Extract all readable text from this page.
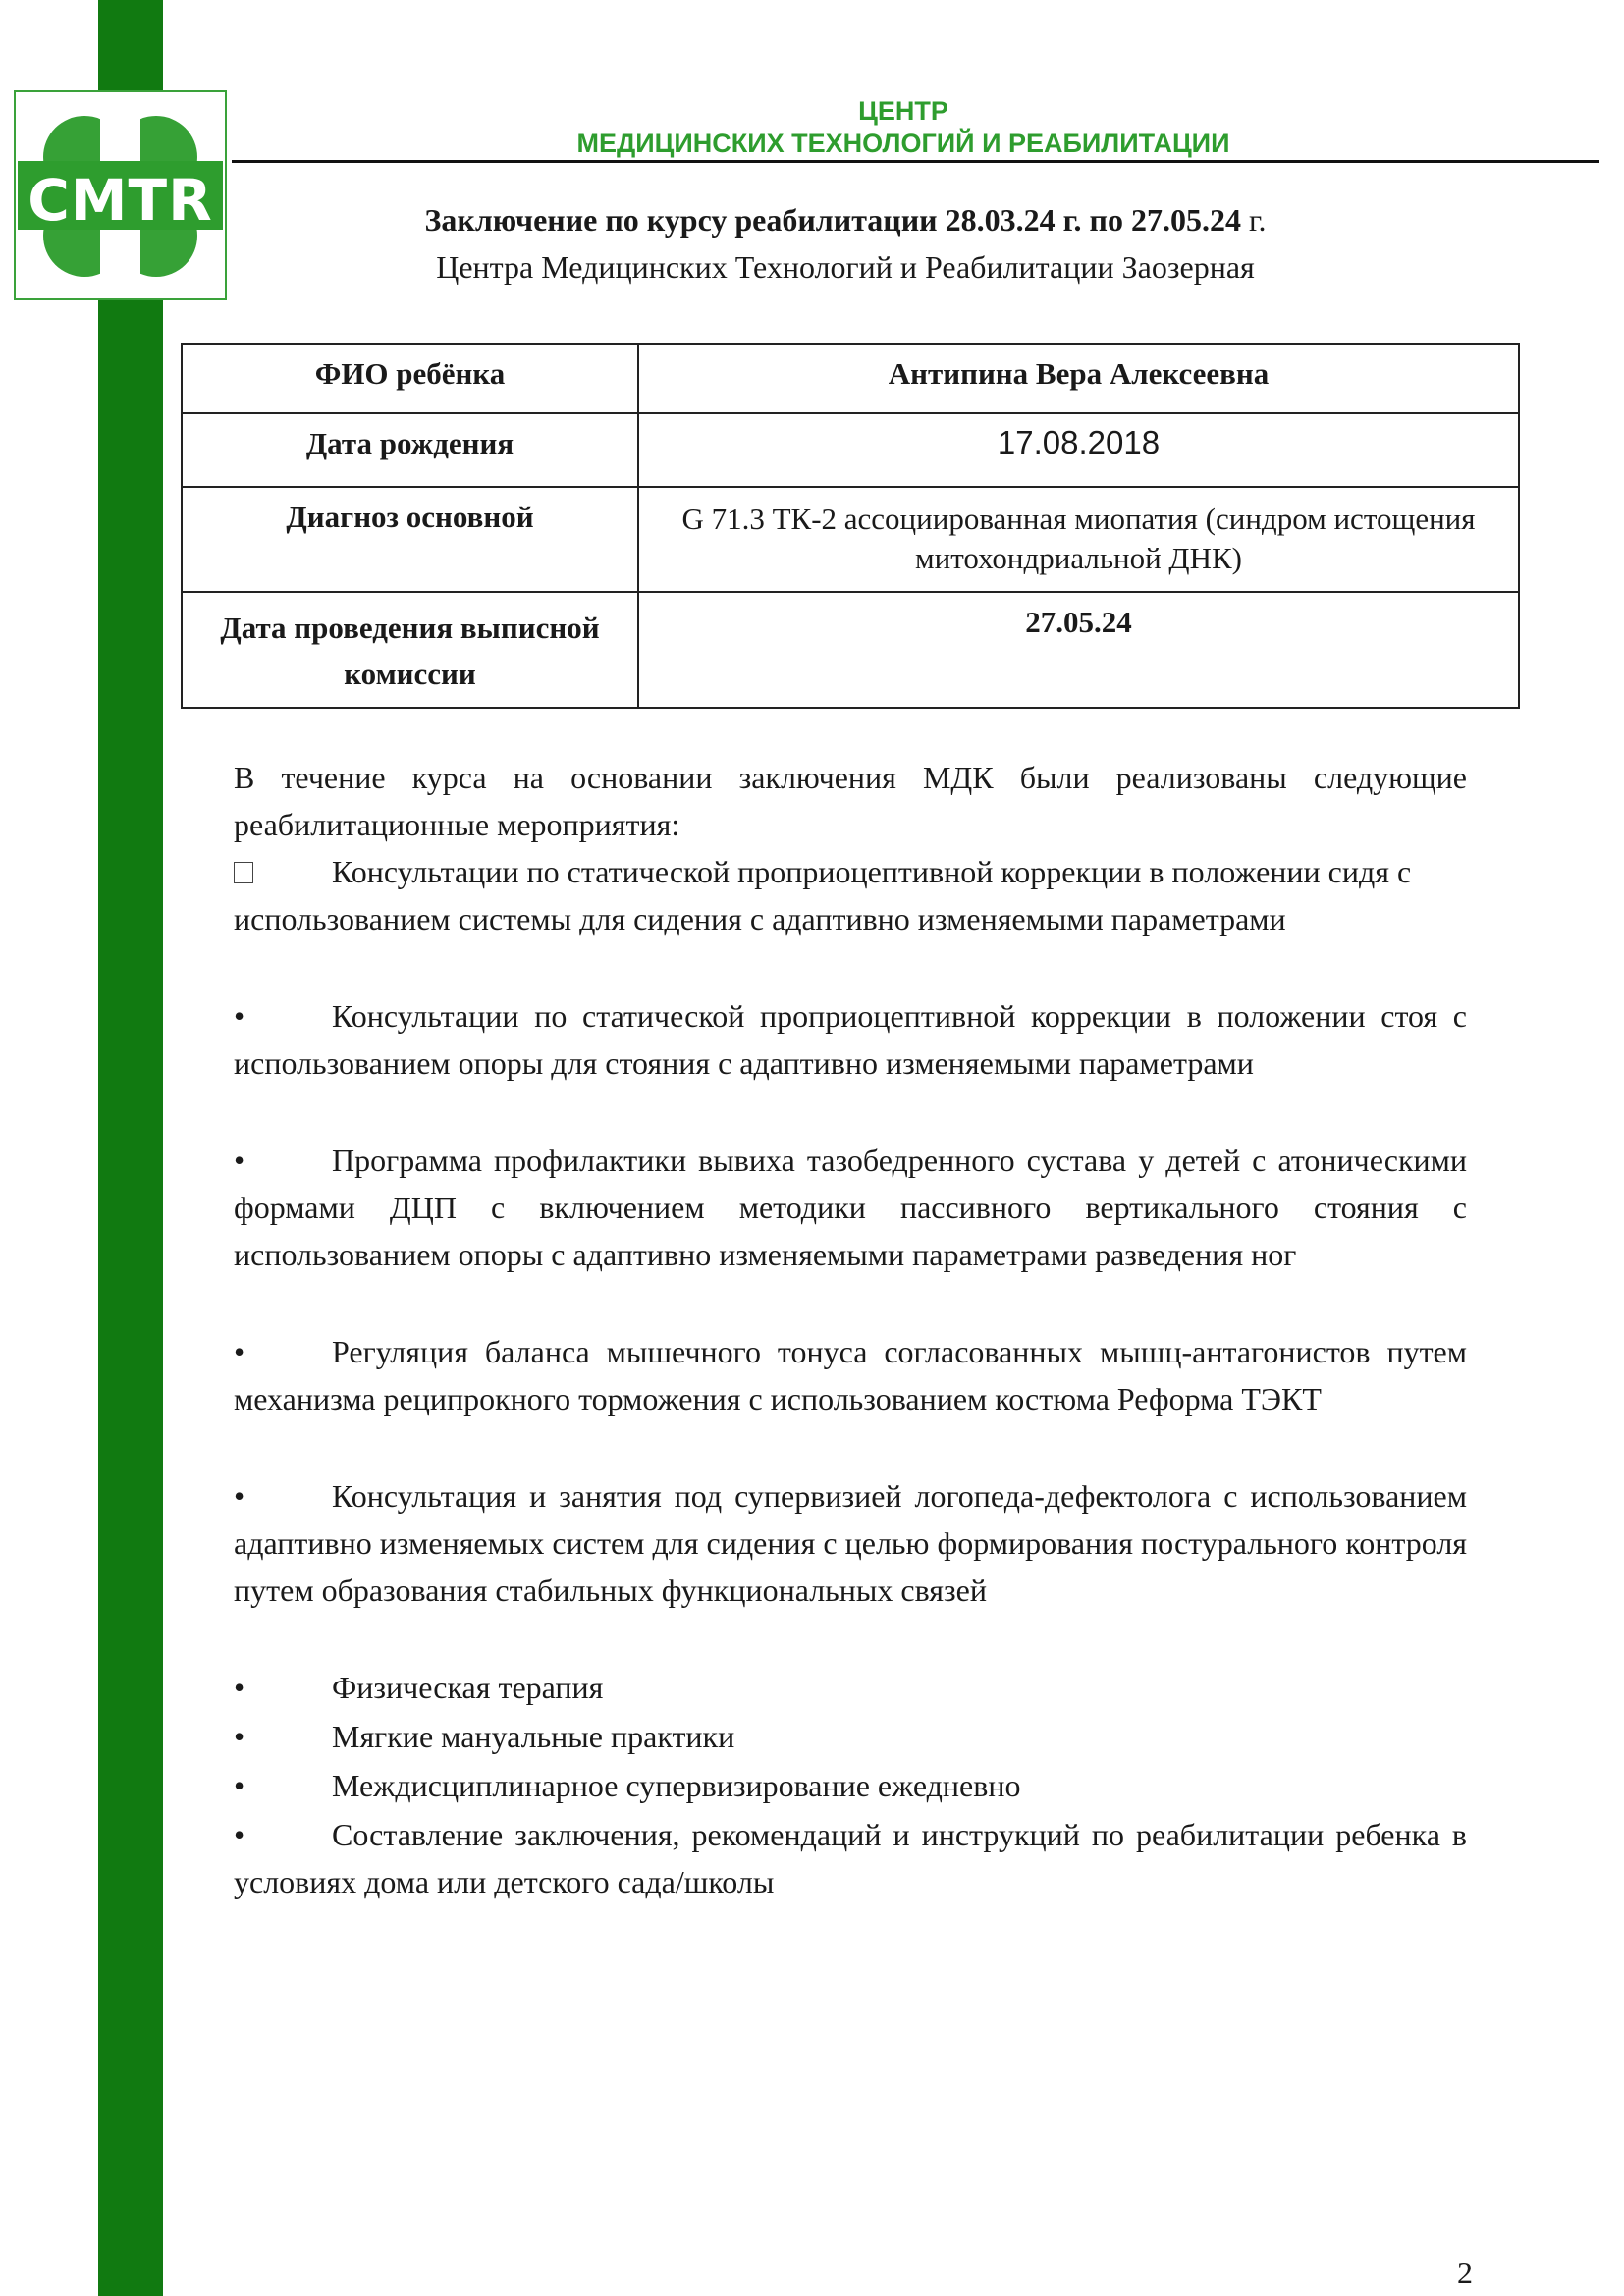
CMTR
ЦЕНТР
МЕДИЦИНСКИХ ТЕХНОЛОГИЙ И РЕАБИЛИТАЦИИ
Заключение по курсу реабилитации 28.03.24 г. по 27.05.24 г.
Центра Медицинских Технологий и Реабилитации Заозерная
ФИО ребёнка	Антипина Вера Алексеевна
Дата рождения	17.08.2018
Диагноз основной	G 71.3 ТК-2 ассоциированная миопатия (синдром истощения митохондриальной ДНК)
Дата проведения выписной комиссии	27.05.24
В течение курса на основании заключения МДК были реализованы следующие реабилитационные мероприятия:
Консультации по статической проприоцептивной коррекции в положении сидя с использованием системы для сидения с адаптивно изменяемыми параметрами
•	Консультации по статической проприоцептивной коррекции в положении стоя с использованием опоры для стояния с адаптивно изменяемыми параметрами
•	Программа профилактики вывиха тазобедренного сустава у детей с атоническими формами ДЦП с включением методики пассивного вертикального стояния с использованием опоры с адаптивно изменяемыми параметрами разведения ног
•	Регуляция баланса мышечного тонуса согласованных мышц-антагонистов путем механизма реципрокного торможения с использованием костюма Реформа ТЭКТ
•	Консультация и занятия под супервизией логопеда-дефектолога с использованием адаптивно изменяемых систем для сидения с целью формирования постурального контроля путем образования стабильных функциональных связей
•	Физическая терапия
•	Мягкие мануальные практики
•	Междисциплинарное супервизирование ежедневно
•	Составление заключения, рекомендаций и инструкций по реабилитации ребенка в условиях дома или детского сада/школы
2
